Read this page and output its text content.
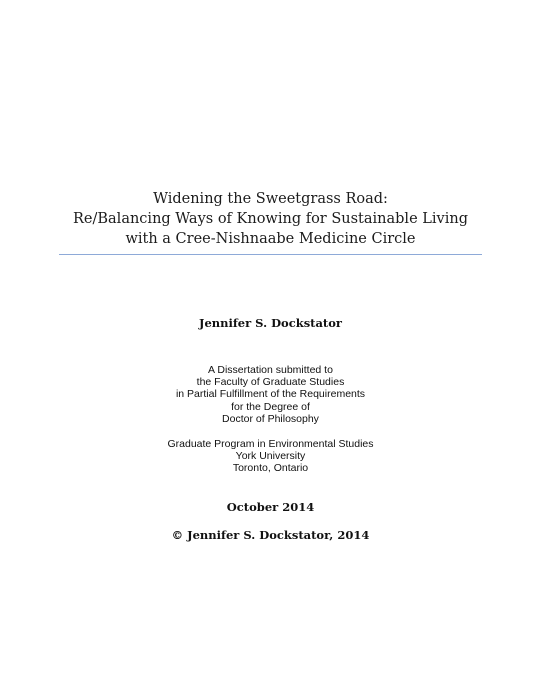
Widening the Sweetgrass Road:
Re/Balancing Ways of Knowing for Sustainable Living
with a Cree-Nishnaabe Medicine Circle
Jennifer S. Dockstator
A Dissertation submitted to
the Faculty of Graduate Studies
in Partial Fulfillment of the Requirements
for the Degree of
Doctor of Philosophy
Graduate Program in Environmental Studies
York University
Toronto, Ontario
October 2014
© Jennifer S. Dockstator, 2014
